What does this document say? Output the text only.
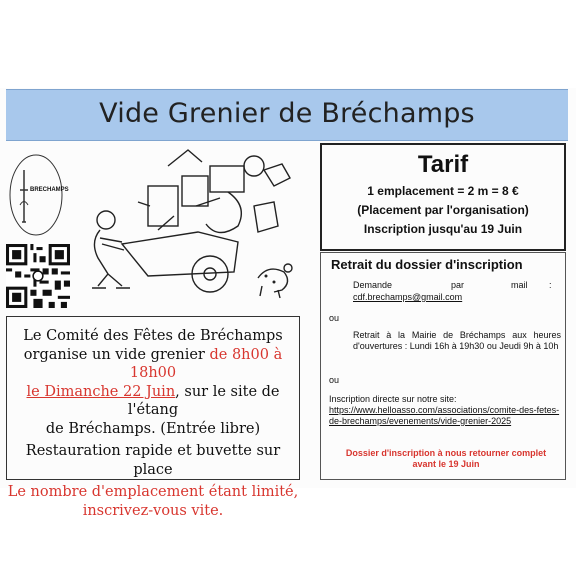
Vide Grenier de Bréchamps
BRECHAMPS

Le Comité des Fêtes de Bréchamps

organise un vide grenier de 8h00 à 18h00

le Dimanche 22 Juin, sur le site de l'étang

de Bréchamps. (Entrée libre)

Restauration rapide et buvette sur place

Le nombre d'emplacement étant limité,

inscrivez-vous vite.

Tarif
1 emplacement = 2 m = 8 €
(Placement par l'organisation)
Inscription jusqu'au 19 Juin
Retrait du dossier d'inscription
Demande	par	mail :
cdf.brechamps@gmail.com
ou
Retrait à la Mairie de Bréchamps aux heures d'ouvertures : Lundi 16h à 19h30 ou Jeudi 9h à 10h
ou
Inscription directe sur notre site:
https://www.helloasso.com/associations/comite-des-fetes-de-brechamps/evenements/vide-grenier-2025
Dossier d'inscription à nous retourner complet avant le 19 Juin
